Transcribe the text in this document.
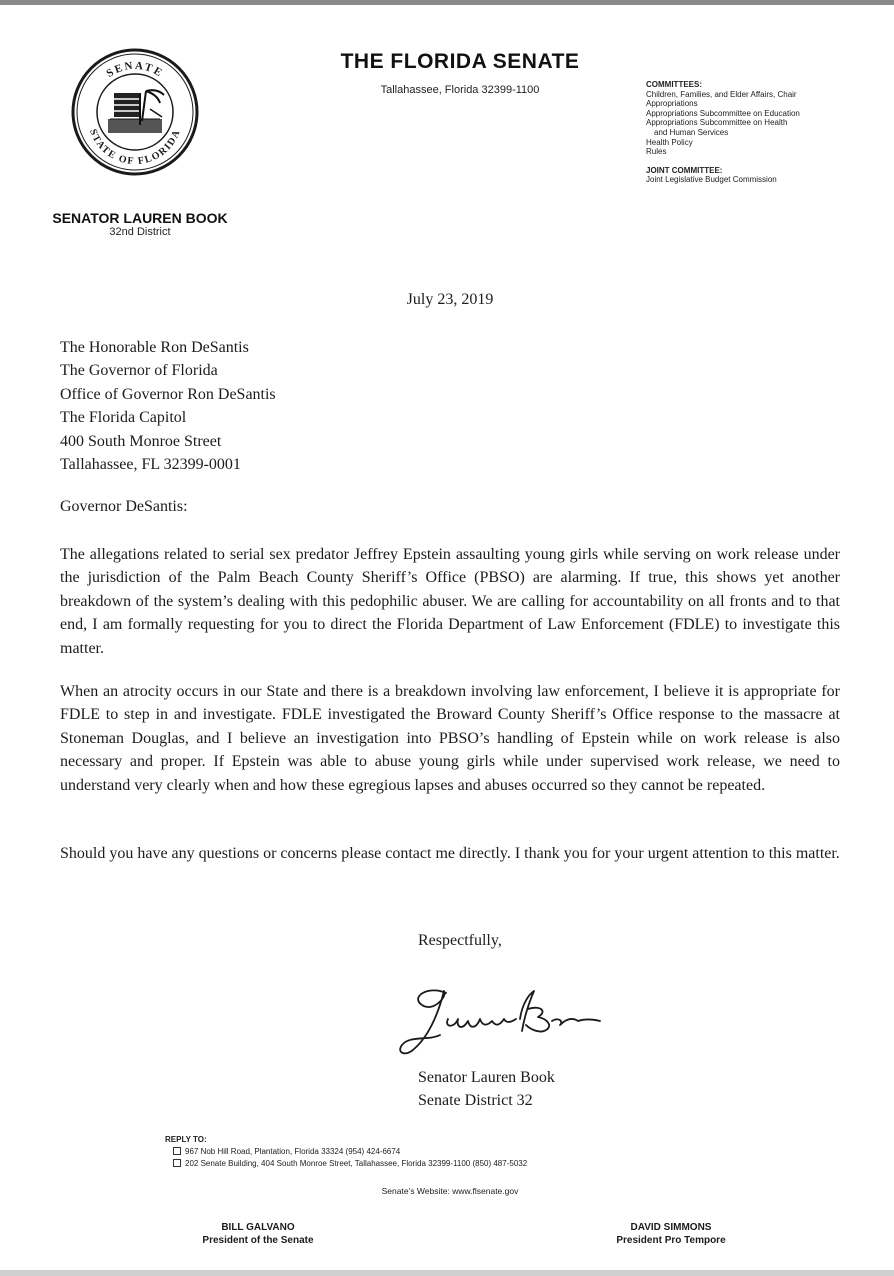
SENATE
STATE OF FLORIDA
THE FLORIDA SENATE
Tallahassee, Florida 32399-1100	COMMITTEES:
Children, Families, and Elder Affairs, Chair
Appropriations
Appropriations Subcommittee on Education
Appropriations Subcommittee on Health
and Human Services
Health Policy
Rules
JOINT COMMITTEE:
Joint Legislative Budget Commission
SENATOR LAUREN BOOK
32nd District
July 23, 2019
The Honorable Ron DeSantis
The Governor of Florida
Office of Governor Ron DeSantis
The Florida Capitol
400 South Monroe Street
Tallahassee, FL 32399-0001
Governor DeSantis:

The allegations related to serial sex predator Jeffrey Epstein assaulting young girls while serving on work release under the jurisdiction of the Palm Beach County Sheriff’s Office (PBSO) are alarming. If true, this shows yet another breakdown of the system’s dealing with this pedophilic abuser. We are calling for accountability on all fronts and to that end, I am formally requesting for you to direct the Florida Department of Law Enforcement (FDLE) to investigate this matter.

When an atrocity occurs in our State and there is a breakdown involving law enforcement, I believe it is appropriate for FDLE to step in and investigate. FDLE investigated the Broward County Sheriff’s Office response to the massacre at Stoneman Douglas, and I believe an investigation into PBSO’s handling of Epstein while on work release is also necessary and proper. If Epstein was able to abuse young girls while under supervised work release, we need to understand very clearly when and how these egregious lapses and abuses occurred so they cannot be repeated.

Should you have any questions or concerns please contact me directly. I thank you for your urgent attention to this matter.

Respectfully,
Senator Lauren Book
Senate District 32
REPLY TO:
967 Nob Hill Road, Plantation, Florida 33324 (954) 424-6674
202 Senate Building, 404 South Monroe Street, Tallahassee, Florida 32399-1100 (850) 487-5032
Senate’s Website: www.flsenate.gov
BILL GALVANO
President of the Senate
DAVID SIMMONS
President Pro Tempore
